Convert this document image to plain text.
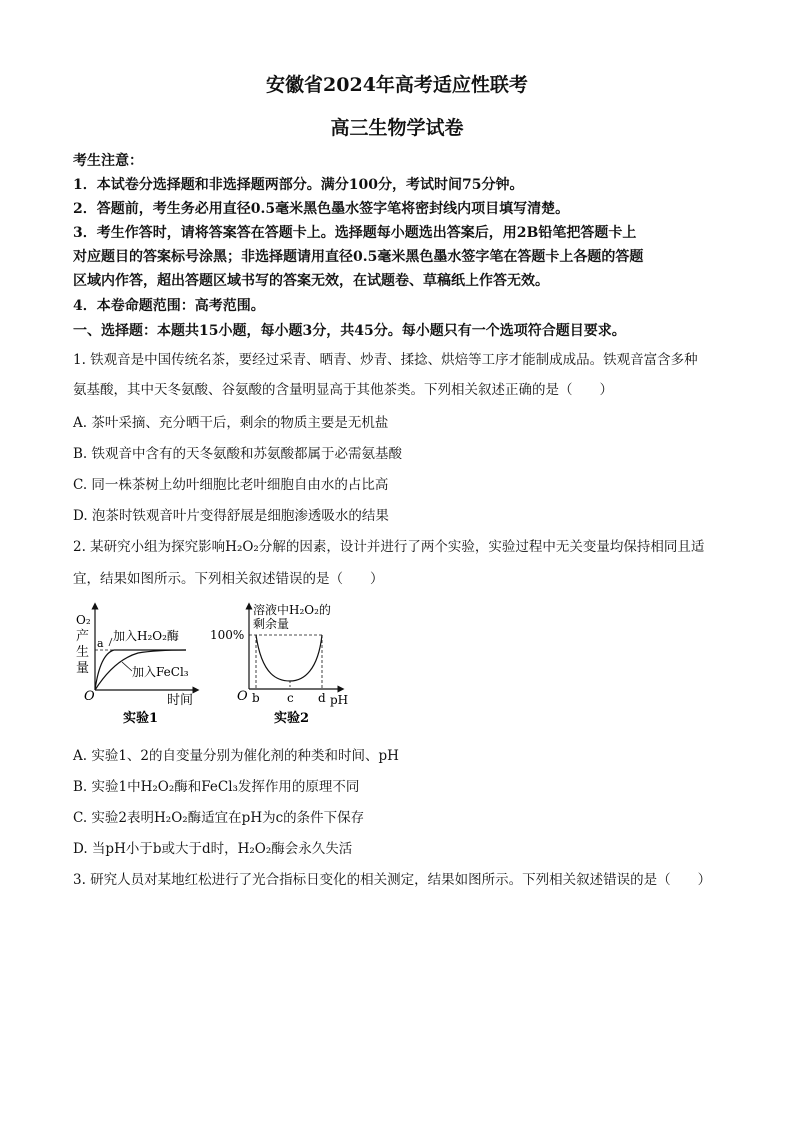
安徽省2024年高考适应性联考
高三生物学试卷
考生注意：
1．本试卷分选择题和非选择题两部分。满分100分，考试时间75分钟。
2．答题前，考生务必用直径0.5毫米黑色墨水签字笔将密封线内项目填写清楚。
3．考生作答时，请将答案答在答题卡上。选择题每小题选出答案后，用2B铅笔把答题卡上
对应题目的答案标号涂黑；非选择题请用直径0.5毫米黑色墨水签字笔在答题卡上各题的答题
区域内作答，超出答题区域书写的答案无效，在试题卷、草稿纸上作答无效。
4．本卷命题范围：高考范围。
一、选择题：本题共15小题，每小题3分，共45分。每小题只有一个选项符合题目要求。
1. 铁观音是中国传统名茶，要经过采青、晒青、炒青、揉捻、烘焙等工序才能制成成品。铁观音富含多种
氨基酸，其中天冬氨酸、谷氨酸的含量明显高于其他茶类。下列相关叙述正确的是（　　）
A. 茶叶采摘、充分晒干后，剩余的物质主要是无机盐
B. 铁观音中含有的天冬氨酸和苏氨酸都属于必需氨基酸
C. 同一株茶树上幼叶细胞比老叶细胞自由水的占比高
D. 泡茶时铁观音叶片变得舒展是细胞渗透吸水的结果
2. 某研究小组为探究影响H₂O₂分解的因素，设计并进行了两个实验，实验过程中无关变量均保持相同且适
宜，结果如图所示。下列相关叙述错误的是（　　）
O₂
产
生
量
a
加入H₂O₂酶
加入FeCl₃
O	时间
实验1
溶液中H₂O₂的
剩余量
100%
O b c d pH
实验2
A. 实验1、2的自变量分别为催化剂的种类和时间、pH
B. 实验1中H₂O₂酶和FeCl₃发挥作用的原理不同
C. 实验2表明H₂O₂酶适宜在pH为c的条件下保存
D. 当pH小于b或大于d时，H₂O₂酶会永久失活
3. 研究人员对某地红松进行了光合指标日变化的相关测定，结果如图所示。下列相关叙述错误的是（　　）
